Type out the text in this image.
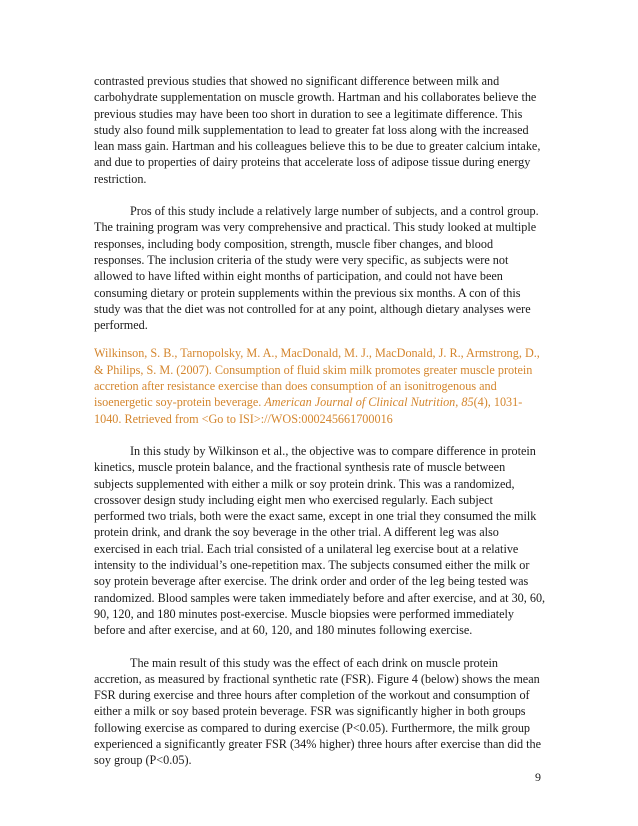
contrasted previous studies that showed no significant difference between milk and carbohydrate supplementation on muscle growth. Hartman and his collaborates believe the previous studies may have been too short in duration to see a legitimate difference. This study also found milk supplementation to lead to greater fat loss along with the increased lean mass gain. Hartman and his colleagues believe this to be due to greater calcium intake, and due to properties of dairy proteins that accelerate loss of adipose tissue during energy restriction.

Pros of this study include a relatively large number of subjects, and a control group. The training program was very comprehensive and practical. This study looked at multiple responses, including body composition, strength, muscle fiber changes, and blood responses. The inclusion criteria of the study were very specific, as subjects were not allowed to have lifted within eight months of participation, and could not have been consuming dietary or protein supplements within the previous six months. A con of this study was that the diet was not controlled for at any point, although dietary analyses were performed.

Wilkinson, S. B., Tarnopolsky, M. A., MacDonald, M. J., MacDonald, J. R., Armstrong, D., & Philips, S. M. (2007). Consumption of fluid skim milk promotes greater muscle protein accretion after resistance exercise than does consumption of an isonitrogenous and isoenergetic soy-protein beverage. American Journal of Clinical Nutrition, 85(4), 1031-1040. Retrieved from <Go to ISI>://WOS:000245661700016

In this study by Wilkinson et al., the objective was to compare difference in protein kinetics, muscle protein balance, and the fractional synthesis rate of muscle between subjects supplemented with either a milk or soy protein drink. This was a randomized, crossover design study including eight men who exercised regularly. Each subject performed two trials, both were the exact same, except in one trial they consumed the milk protein drink, and drank the soy beverage in the other trial. A different leg was also exercised in each trial. Each trial consisted of a unilateral leg exercise bout at a relative intensity to the individual’s one-repetition max. The subjects consumed either the milk or soy protein beverage after exercise. The drink order and order of the leg being tested was randomized. Blood samples were taken immediately before and after exercise, and at 30, 60, 90, 120, and 180 minutes post-exercise. Muscle biopsies were performed immediately before and after exercise, and at 60, 120, and 180 minutes following exercise.

The main result of this study was the effect of each drink on muscle protein accretion, as measured by fractional synthetic rate (FSR). Figure 4 (below) shows the mean FSR during exercise and three hours after completion of the workout and consumption of either a milk or soy based protein beverage. FSR was significantly higher in both groups following exercise as compared to during exercise (P<0.05). Furthermore, the milk group experienced a significantly greater FSR (34% higher) three hours after exercise than did the soy group (P<0.05).

9
